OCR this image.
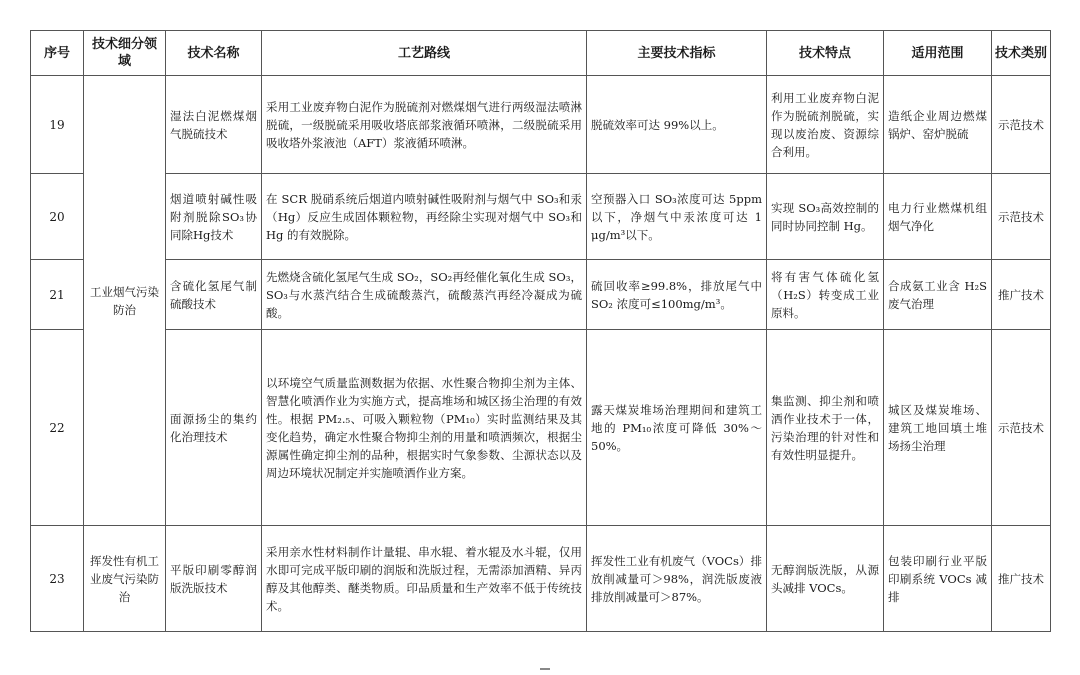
序号	技术细分领域	技术名称	工艺路线	主要技术指标	技术特点	适用范围	技术类别
19	工业烟气污染防治	湿法白泥燃煤烟气脱硫技术	采用工业废弃物白泥作为脱硫剂对燃煤烟气进行两级湿法喷淋脱硫，一级脱硫采用吸收塔底部浆液循环喷淋，二级脱硫采用吸收塔外浆液池（AFT）浆液循环喷淋。	脱硫效率可达 99%以上。	利用工业废弃物白泥作为脱硫剂脱硫，实现以废治废、资源综合利用。	造纸企业周边燃煤锅炉、窑炉脱硫	示范技术
20		烟道喷射碱性吸附剂脱除SO₃协同除Hg技术	在 SCR 脱硝系统后烟道内喷射碱性吸附剂与烟气中 SO₃和汞（Hg）反应生成固体颗粒物，再经除尘实现对烟气中 SO₃和 Hg 的有效脱除。	空预器入口 SO₃浓度可达 5ppm 以下，净烟气中汞浓度可达 1 μg/m³以下。	实现 SO₃高效控制的同时协同控制 Hg。	电力行业燃煤机组烟气净化	示范技术
21		含硫化氢尾气制硫酸技术	先燃烧含硫化氢尾气生成 SO₂，SO₂再经催化氧化生成 SO₃，SO₃与水蒸汽结合生成硫酸蒸汽，硫酸蒸汽再经冷凝成为硫酸。	硫回收率≥99.8%，排放尾气中 SO₂ 浓度可≤100mg/m³。	将有害气体硫化氢（H₂S）转变成工业原料。	合成氨工业含 H₂S 废气治理	推广技术
22		面源扬尘的集约化治理技术	以环境空气质量监测数据为依据、水性聚合物抑尘剂为主体、智慧化喷洒作业为实施方式，提高堆场和城区扬尘治理的有效性。根据 PM₂.₅、可吸入颗粒物（PM₁₀）实时监测结果及其变化趋势，确定水性聚合物抑尘剂的用量和喷洒频次，根据尘源属性确定抑尘剂的品种，根据实时气象参数、尘源状态以及周边环境状况制定并实施喷洒作业方案。	露天煤炭堆场治理期间和建筑工地的 PM₁₀浓度可降低 30%～50%。	集监测、抑尘剂和喷洒作业技术于一体，污染治理的针对性和有效性明显提升。	城区及煤炭堆场、建筑工地回填土堆场扬尘治理	示范技术
23	挥发性有机工业废气污染防治	平版印刷零醇润版洗版技术	采用亲水性材料制作计量辊、串水辊、着水辊及水斗辊，仅用水即可完成平版印刷的润版和洗版过程，无需添加酒精、异丙醇及其他醇类、醚类物质。印品质量和生产效率不低于传统技术。	挥发性工业有机废气（VOCs）排放削减量可＞98%，润洗版废液排放削减量可＞87%。	无醇润版洗版，从源头减排 VOCs。	包装印刷行业平版印刷系统 VOCs 减排	推广技术
